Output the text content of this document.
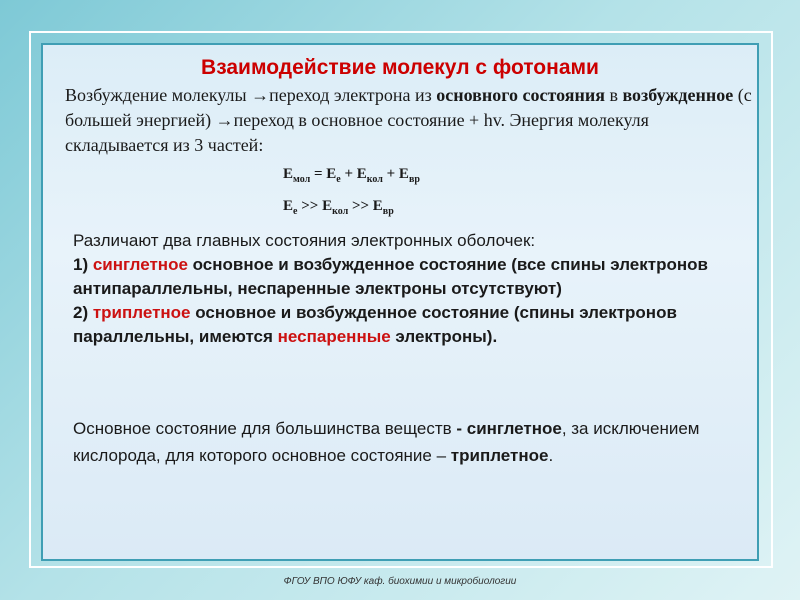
Взаимодействие молекул с фотонами

Возбуждение молекулы →переход электрона из основного состояния в возбужденное (с большей энергией) →переход в основное состояние + hv. Энергия молекуля складывается из 3 частей:

$Е_{мол} = Е_е + Е_{кол} + Е_{вр}$
$Е_е >> Е_{кол} >> Е_{вр}$

Различают два главных состояния электронных оболочек:

1) синглетное основное и возбужденное состояние (все спины электронов антипараллельны, неспаренные электроны отсутствуют)

2) триплетное основное и возбужденное состояние (спины электронов параллельны, имеются неспаренные электроны).

Основное состояние для большинства веществ - синглетное, за исключением кислорода, для которого основное состояние – триплетное.

ФГОУ ВПО ЮФУ каф. биохимии и микробиологии
